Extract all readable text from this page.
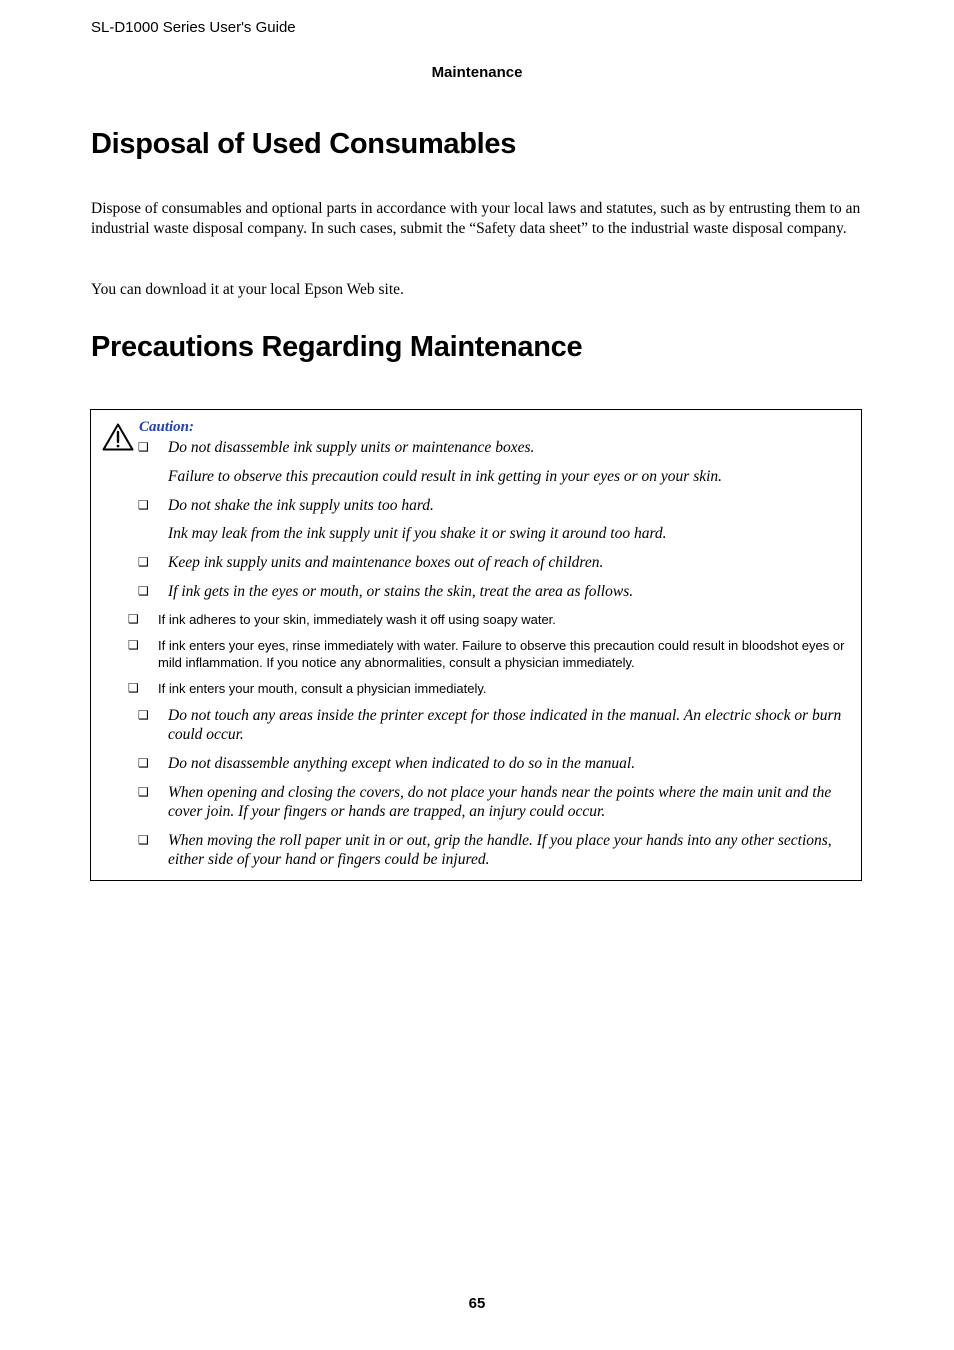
SL-D1000 Series User's Guide
Maintenance
Disposal of Used Consumables

Dispose of consumables and optional parts in accordance with your local laws and statutes, such as by entrusting them to an industrial waste disposal company. In such cases, submit the “Safety data sheet” to the industrial waste disposal company.

You can download it at your local Epson Web site.

Precautions Regarding Maintenance
Caution:
❑ Do not disassemble ink supply units or maintenance boxes.
Failure to observe this precaution could result in ink getting in your eyes or on your skin.
❑ Do not shake the ink supply units too hard.
Ink may leak from the ink supply unit if you shake it or swing it around too hard.
❑ Keep ink supply units and maintenance boxes out of reach of children.
❑ If ink gets in the eyes or mouth, or stains the skin, treat the area as follows.
❑ If ink adheres to your skin, immediately wash it off using soapy water.
❑ If ink enters your eyes, rinse immediately with water. Failure to observe this precaution could result in bloodshot eyes or mild inflammation. If you notice any abnormalities, consult a physician immediately.
❑ If ink enters your mouth, consult a physician immediately.
❑ Do not touch any areas inside the printer except for those indicated in the manual. An electric shock or burn could occur.
❑ Do not disassemble anything except when indicated to do so in the manual.
❑ When opening and closing the covers, do not place your hands near the points where the main unit and the cover join. If your fingers or hands are trapped, an injury could occur.
❑ When moving the roll paper unit in or out, grip the handle. If you place your hands into any other sections, either side of your hand or fingers could be injured.
65
